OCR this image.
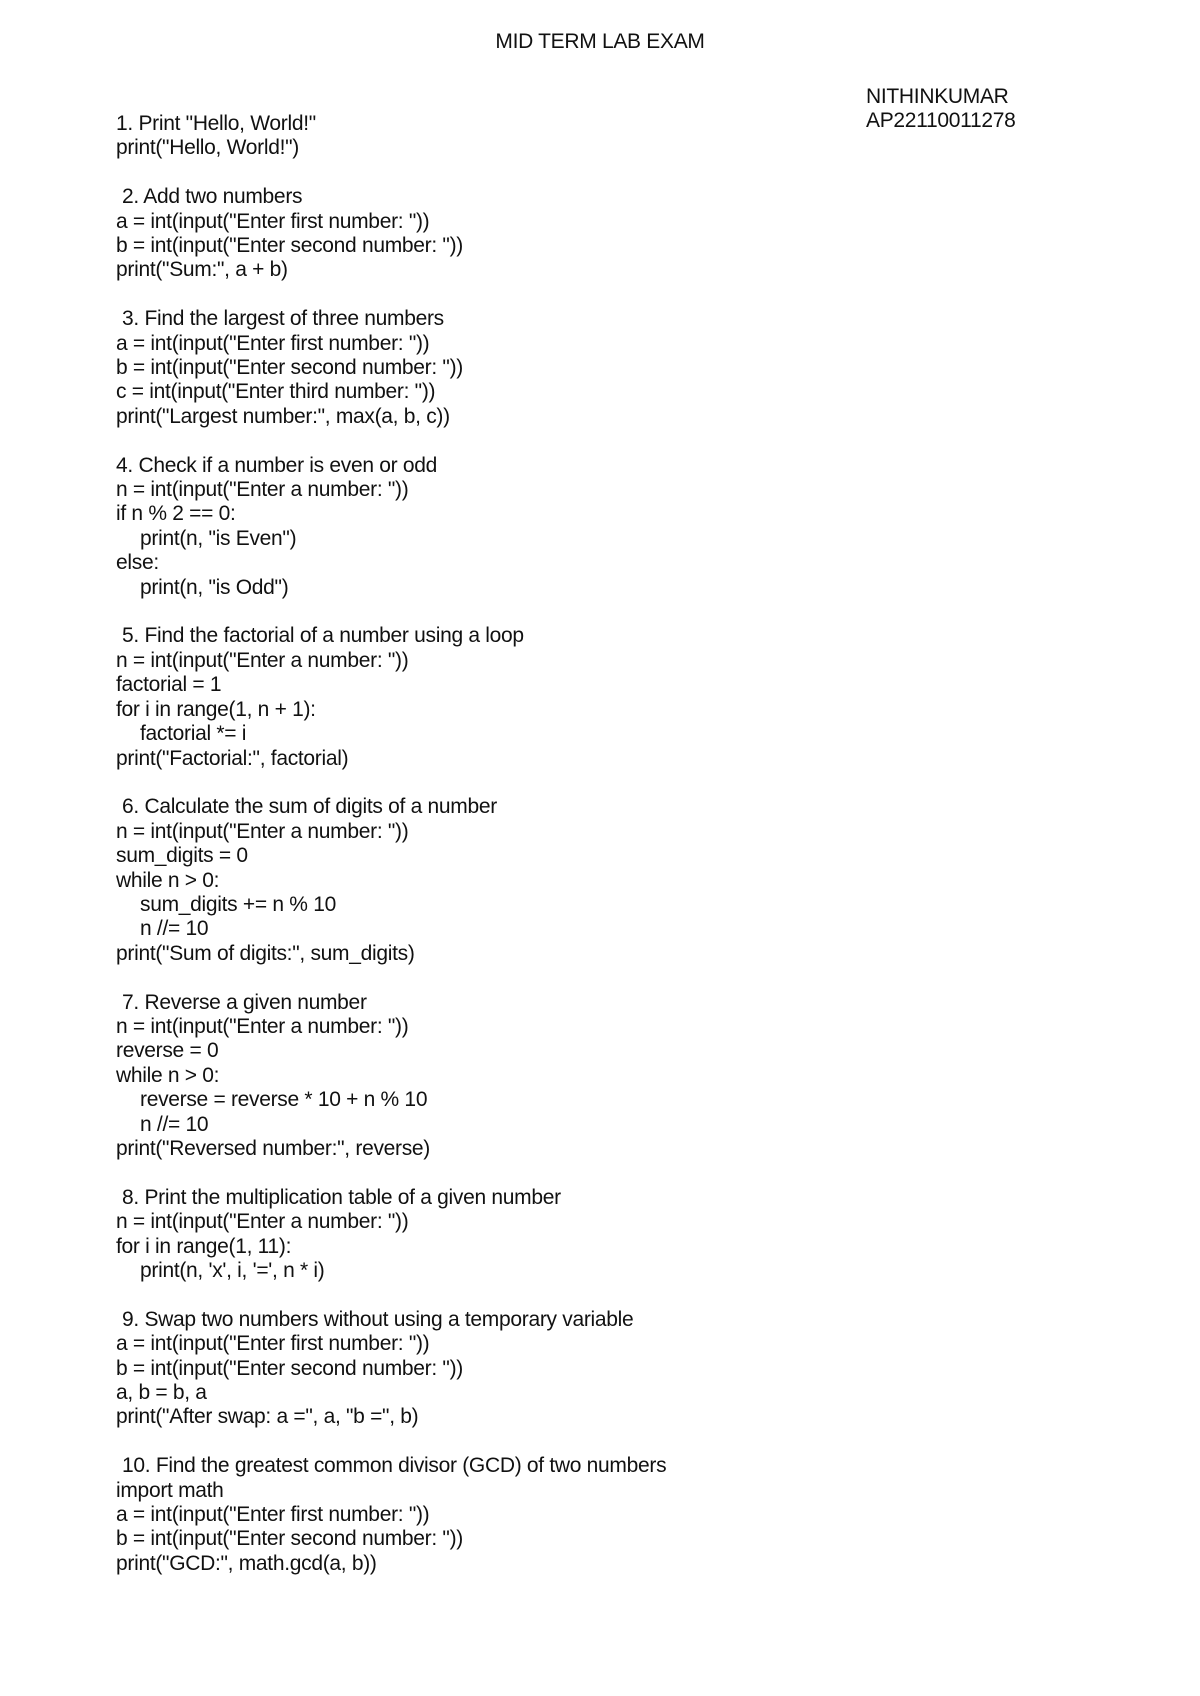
MID TERM LAB EXAM
NITHINKUMAR
AP22110011278
1. Print "Hello, World!"
print("Hello, World!")
2. Add two numbers
a = int(input("Enter first number: "))
b = int(input("Enter second number: "))
print("Sum:", a + b)
3. Find the largest of three numbers
a = int(input("Enter first number: "))
b = int(input("Enter second number: "))
c = int(input("Enter third number: "))
print("Largest number:", max(a, b, c))
4. Check if a number is even or odd
n = int(input("Enter a number: "))
if n % 2 == 0:
print(n, "is Even")
else:
print(n, "is Odd")
5. Find the factorial of a number using a loop
n = int(input("Enter a number: "))
factorial = 1
for i in range(1, n + 1):
factorial *= i
print("Factorial:", factorial)
6. Calculate the sum of digits of a number
n = int(input("Enter a number: "))
sum_digits = 0
while n > 0:
sum_digits += n % 10
n //= 10
print("Sum of digits:", sum_digits)
7. Reverse a given number
n = int(input("Enter a number: "))
reverse = 0
while n > 0:
reverse = reverse * 10 + n % 10
n //= 10
print("Reversed number:", reverse)
8. Print the multiplication table of a given number
n = int(input("Enter a number: "))
for i in range(1, 11):
print(n, 'x', i, '=', n * i)
9. Swap two numbers without using a temporary variable
a = int(input("Enter first number: "))
b = int(input("Enter second number: "))
a, b = b, a
print("After swap: a =", a, "b =", b)
10. Find the greatest common divisor (GCD) of two numbers
import math
a = int(input("Enter first number: "))
b = int(input("Enter second number: "))
print("GCD:", math.gcd(a, b))
